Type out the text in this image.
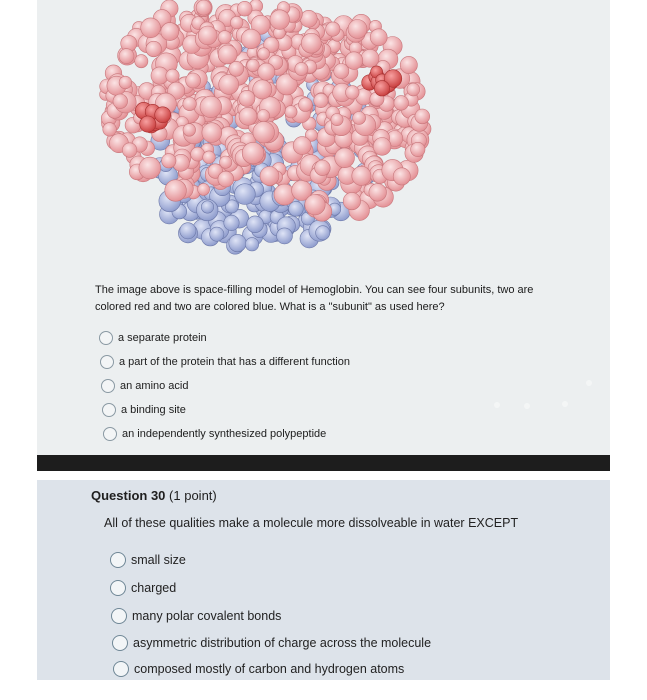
The image above is space-filling model of Hemoglobin. You can see four subunits, two are colored red and two are colored blue. What is a "subunit" as used here?

a separate protein
a part of the protein that has a different function
an amino acid
a binding site
an independently synthesized polypeptide

Question 30 (1 point)

All of these qualities make a molecule more dissolveable in water EXCEPT

small size
charged
many polar covalent bonds
asymmetric distribution of charge across the molecule
composed mostly of carbon and hydrogen atoms
